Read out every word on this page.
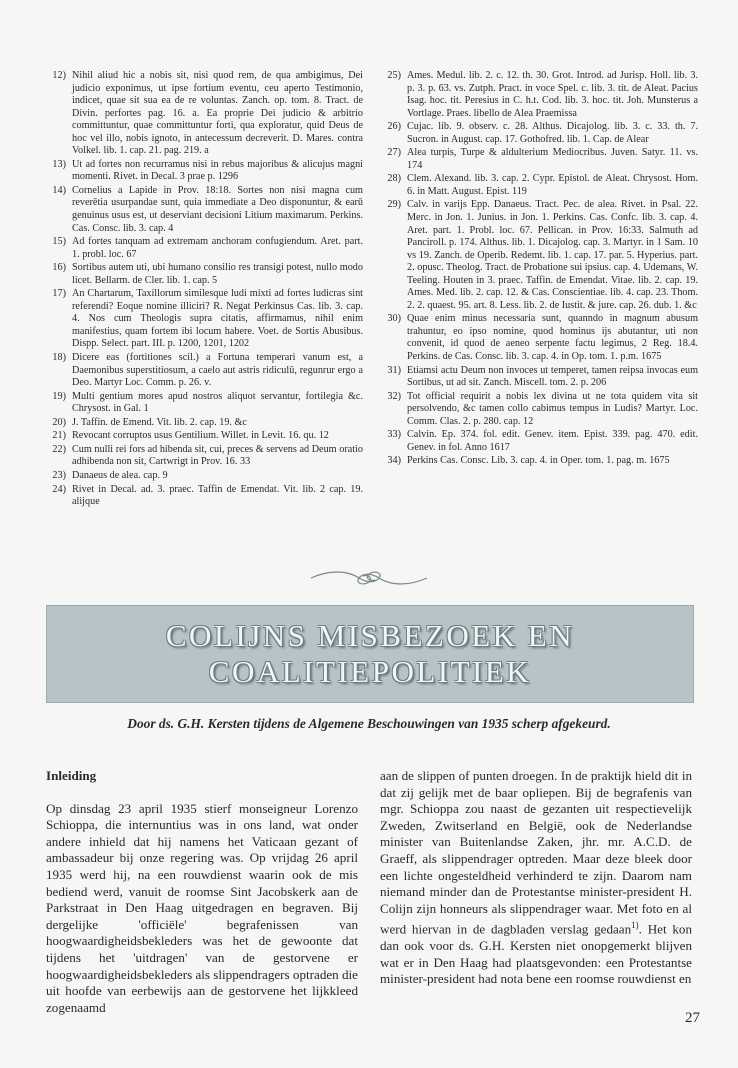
12) Nihil aliud hic a nobis sit, nisi quod rem, de qua ambigimus, Dei judicio exponimus, ut ipse fortium eventu, ceu aperto Testimonio, indicet, quae sit sua ea de re voluntas. Zanch. op. tom. 8. Tract. de Divin. perfortes pag. 16. a. Ea proprie Dei judicio & arbitrio committuntur, quae committuntur forti, qua exploratur, quid Deus de hoc vel illo, nobis ignoto, in antecessum decreverit. D. Mares. contra Volkel. lib. 1. cap. 21. pag. 219. a
13) Ut ad fortes non recurramus nisi in rebus majoribus & alicujus magni momenti. Rivet. in Decal. 3 prae p. 1296
14) Cornelius a Lapide in Prov. 18:18. Sortes non nisi magna cum reverētia usurpandae sunt, quia immediate a Deo disponuntur, & earū genuinus usus est, ut deserviant decisioni Litium maximarum. Perkins. Cas. Consc. lib. 3. cap. 4
15) Ad fortes tanquam ad extremam anchoram confugiendum. Aret. part. 1. probl. loc. 67
16) Sortibus autem uti, ubi humano consilio res transigi potest, nullo modo licet. Bellarm. de Cler. lib. 1. cap. 5
17) An Chartarum, Taxillorum similesque ludi mixti ad fortes ludicras sint referendi? Eoque nomine illiciri? R. Negat Perkinsus Cas. lib. 3. cap. 4. Nos cum Theologis supra citatis, affirmamus, nihil enim manifestius, quam fortem ibi locum habere. Voet. de Sortis Abusibus. Dispp. Select. part. III. p. 1200, 1201, 1202
18) Dicere eas (fortitiones scil.) a Fortuna temperari vanum est, a Daemonibus superstitiosum, a caelo aut astris ridiculū, regunrur ergo a Deo. Martyr Loc. Comm. p. 26. v.
19) Multi gentium mores apud nostros aliquot servantur, fortilegia &c. Chrysost. in Gal. 1
20) J. Taffin. de Emend. Vit. lib. 2. cap. 19. &c
21) Revocant corruptos usus Gentilium. Willet. in Levit. 16. qu. 12
22) Cum nulli rei fors ad hibenda sit, cui, preces & servens ad Deum oratio adhibenda non sit, Cartwrigt in Prov. 16. 33
23) Danaeus de alea. cap. 9
24) Rivet in Decal. ad. 3. praec. Taffin de Emendat. Vit. lib. 2 cap. 19. alijque
25) Ames. Medul. lib. 2. c. 12. th. 30. Grot. Introd. ad Jurisp. Holl. lib. 3. p. 3. p. 63. vs. Zutph. Pract. in voce Spel. c. lib. 3. tit. de Aleat. Pacius Isag. hoc. tit. Peresius in C. h.t. Cod. lib. 3. hoc. tit. Joh. Munsterus a Vortlage. Praes. libello de Alea Praemissa
26) Cujac. lib. 9. observ. c. 28. Althus. Dicajolog. lib. 3. c. 33. th. 7. Sucron. in August. cap. 17. Gothofred. lib. 1. Cap. de Alear
27) Alea turpis, Turpe & aldulterium Mediocribus. Juven. Satyr. 11. vs. 174
28) Clem. Alexand. lib. 3. cap. 2. Cypr. Epistol. de Aleat. Chrysost. Hom. 6. in Matt. August. Epist. 119
29) Calv. in varijs Epp. Danaeus. Tract. Pec. de alea. Rivet. in Psal. 22. Merc. in Jon. 1. Junius. in Jon. 1. Perkins. Cas. Confc. lib. 3. cap. 4. Aret. part. 1. Probl. loc. 67. Pellican. in Prov. 16:33. Salmuth ad Panciroll. p. 174. Althus. lib. 1. Dicajolog. cap. 3. Martyr. in 1 Sam. 10 vs 19. Zanch. de Operib. Redemt. lib. 1. cap. 17. par. 5. Hyperius. part. 2. opusc. Theolog. Tract. de Probatione sui ipsius. cap. 4. Udemans, W. Teeling. Houten in 3. praec. Taffin. de Emendat. Vitae. lib. 2. cap. 19. Ames. Med. lib. 2. cap. 12. & Cas. Conscientiae. lib. 4. cap. 23. Thom. 2. 2. quaest. 95. art. 8. Less. lib. 2. de Iustit. & jure. cap. 26. dub. 1. &c
30) Quae enim minus necessaria sunt, quanndo in magnum abusum trahuntur, eo ipso nomine, quod hominus ijs abutantur, uti non convenit, id quod de aeneo serpente factu legimus, 2 Reg. 18.4. Perkins. de Cas. Consc. lib. 3. cap. 4. in Op. tom. 1. p.m. 1675
31) Etiamsi actu Deum non invoces ut temperet, tamen reipsa invocas eum Sortibus, ut ad sit. Zanch. Miscell. tom. 2. p. 206
32) Tot official requirit a nobis lex divina ut ne tota quidem vita sit persolvendo, &c tamen collo cabimus tempus in Ludis? Martyr. Loc. Comm. Clas. 2. p. 280. cap. 12
33) Calvin. Ep. 374. fol. edit. Genev. item. Epist. 339. pag. 470. edit. Genev. in fol. Anno 1617
34) Perkins Cas. Consc. Lib. 3. cap. 4. in Oper. tom. 1. pag. m. 1675
COLIJNS MISBEZOEK EN
COALITIEPOLITIEK
Door ds. G.H. Kersten tijdens de Algemene Beschouwingen van 1935 scherp afgekeurd.
Inleiding

Op dinsdag 23 april 1935 stierf monseigneur Lorenzo Schioppa, die internuntius was in ons land, wat onder andere inhield dat hij namens het Vaticaan gezant of ambassadeur bij onze regering was. Op vrijdag 26 april 1935 werd hij, na een rouwdienst waarin ook de mis bediend werd, vanuit de roomse Sint Jacobskerk aan de Parkstraat in Den Haag uitgedragen en begraven. Bij dergelijke 'officiële' begrafenissen van hoogwaardigheidsbekleders was het de gewoonte dat tijdens het 'uitdragen' van de gestorvene er hoogwaardigheidsbekleders als slippendragers optraden die uit hoofde van eerbewijs aan de gestorvene het lijkkleed zogenaamd

aan de slippen of punten droegen. In de praktijk hield dit in dat zij gelijk met de baar opliepen. Bij de begrafenis van mgr. Schioppa zou naast de gezanten uit respectievelijk Zweden, Zwitserland en België, ook de Nederlandse minister van Buitenlandse Zaken, jhr. mr. A.C.D. de Graeff, als slippendrager optreden. Maar deze bleek door een lichte ongesteldheid verhinderd te zijn. Daarom nam niemand minder dan de Protestantse minister-president H. Colijn zijn honneurs als slippendrager waar. Met foto en al werd hiervan in de dagbladen verslag gedaan$^{1)}$. Het kon dan ook voor ds. G.H. Kersten niet onopgemerkt blijven wat er in Den Haag had plaatsgevonden: een Protestantse minister-president had nota bene een roomse rouwdienst en

27
